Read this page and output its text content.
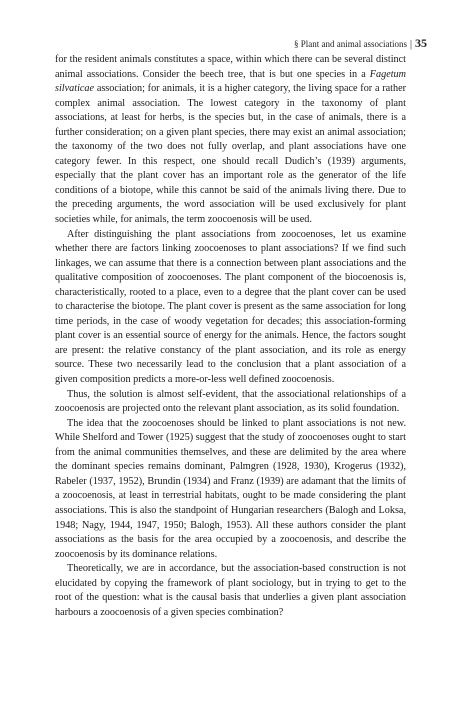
§ Plant and animal associations | 35

for the resident animals constitutes a space, within which there can be several distinct animal associations. Consider the beech tree, that is but one species in a Fagetum silvaticae association; for animals, it is a higher category, the living space for a rather complex animal association. The lowest category in the taxonomy of plant associations, at least for herbs, is the species but, in the case of animals, there is a further consideration; on a given plant species, there may exist an animal association; the taxonomy of the two does not fully overlap, and plant associations have one category fewer. In this respect, one should recall Dudich’s (1939) arguments, especially that the plant cover has an important role as the generator of the life conditions of a biotope, while this cannot be said of the animals living there. Due to the preceding arguments, the word association will be used exclusively for plant societies while, for animals, the term zoocoenosis will be used.

After distinguishing the plant associations from zoocoenoses, let us examine whether there are factors linking zoocoenoses to plant associations? If we find such linkages, we can assume that there is a connection between plant associations and the qualitative composition of zoocoenoses. The plant component of the biocoenosis is, characteristically, rooted to a place, even to a degree that the plant cover can be used to characterise the biotope. The plant cover is present as the same association for long time periods, in the case of woody vegetation for decades; this association-forming plant cover is an essential source of energy for the animals. Hence, the factors sought are present: the relative constancy of the plant association, and its role as energy source. These two necessarily lead to the conclusion that a plant association of a given composition predicts a more-or-less well defined zoocoenosis.

Thus, the solution is almost self-evident, that the associational relationships of a zoocoenosis are projected onto the relevant plant association, as its solid foundation.

The idea that the zoocoenoses should be linked to plant associations is not new. While Shelford and Tower (1925) suggest that the study of zoocoenoses ought to start from the animal communities themselves, and these are delimited by the area where the dominant species remains dominant, Palmgren (1928, 1930), Krogerus (1932), Rabeler (1937, 1952), Brundin (1934) and Franz (1939) are adamant that the limits of a zoocoenosis, at least in terrestrial habitats, ought to be made considering the plant associations. This is also the standpoint of Hungarian researchers (Balogh and Loksa, 1948; Nagy, 1944, 1947, 1950; Balogh, 1953). All these authors consider the plant associations as the basis for the area occupied by a zoocoenosis, and describe the zoocoenosis by its dominance relations.

Theoretically, we are in accordance, but the association-based construction is not elucidated by copying the framework of plant sociology, but in trying to get to the root of the question: what is the causal basis that underlies a given plant association harbours a zoocoenosis of a given species combination?
